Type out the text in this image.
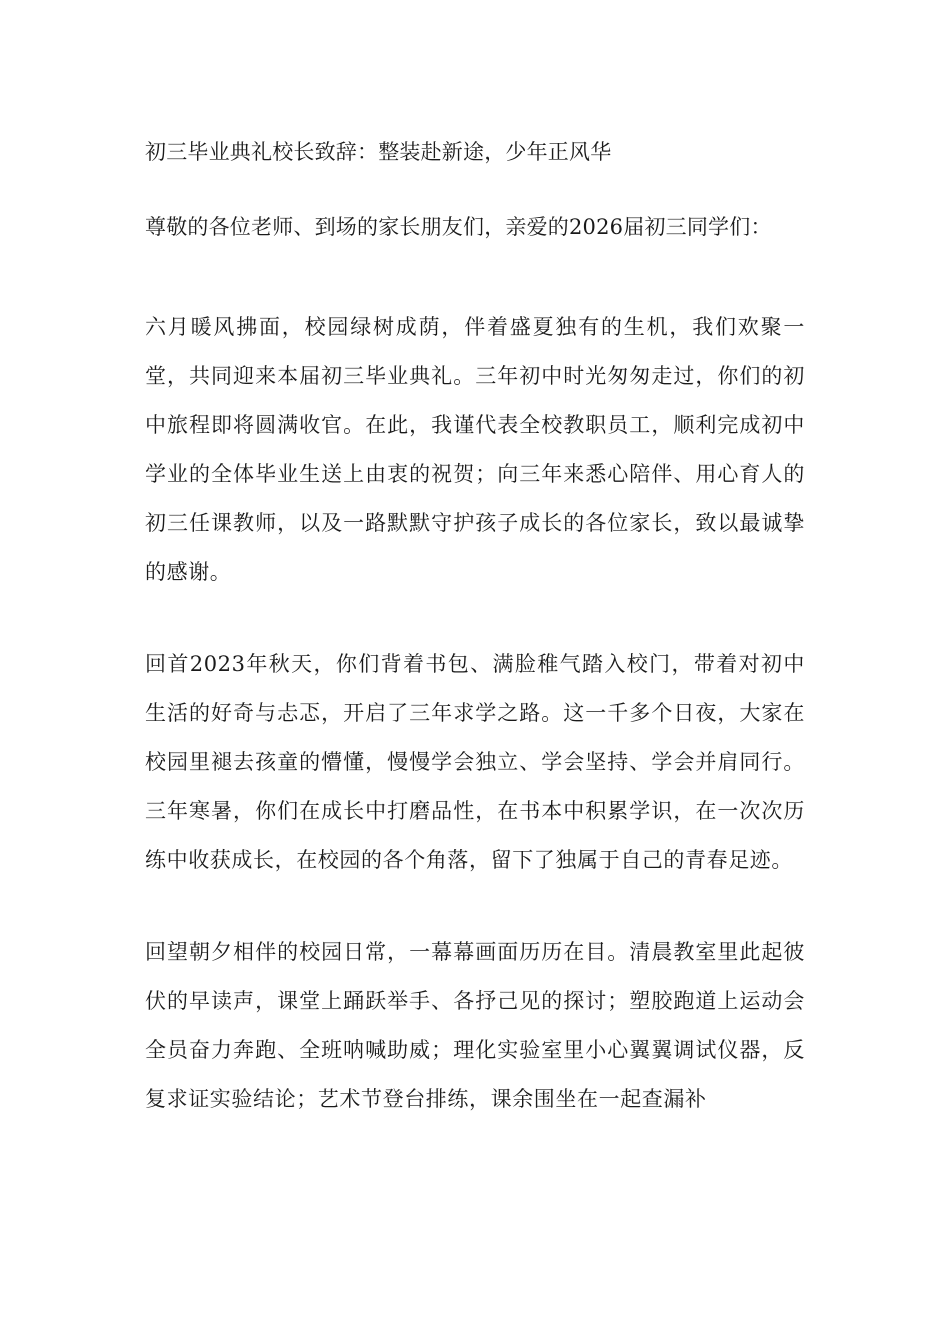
初三毕业典礼校长致辞：整装赴新途，少年正风华

尊敬的各位老师、到场的家长朋友们，亲爱的2026届初三同学们：

六月暖风拂面，校园绿树成荫，伴着盛夏独有的生机，我们欢聚一堂，共同迎来本届初三毕业典礼。三年初中时光匆匆走过，你们的初中旅程即将圆满收官。在此，我谨代表全校教职员工，顺利完成初中学业的全体毕业生送上由衷的祝贺；向三年来悉心陪伴、用心育人的初三任课教师，以及一路默默守护孩子成长的各位家长，致以最诚挚的感谢。

回首2023年秋天，你们背着书包、满脸稚气踏入校门，带着对初中生活的好奇与忐忑，开启了三年求学之路。这一千多个日夜，大家在校园里褪去孩童的懵懂，慢慢学会独立、学会坚持、学会并肩同行。三年寒暑，你们在成长中打磨品性，在书本中积累学识，在一次次历练中收获成长，在校园的各个角落，留下了独属于自己的青春足迹。

回望朝夕相伴的校园日常，一幕幕画面历历在目。清晨教室里此起彼伏的早读声，课堂上踊跃举手、各抒己见的探讨；塑胶跑道上运动会全员奋力奔跑、全班呐喊助威；理化实验室里小心翼翼调试仪器，反复求证实验结论；艺术节登台排练，课余围坐在一起查漏补
